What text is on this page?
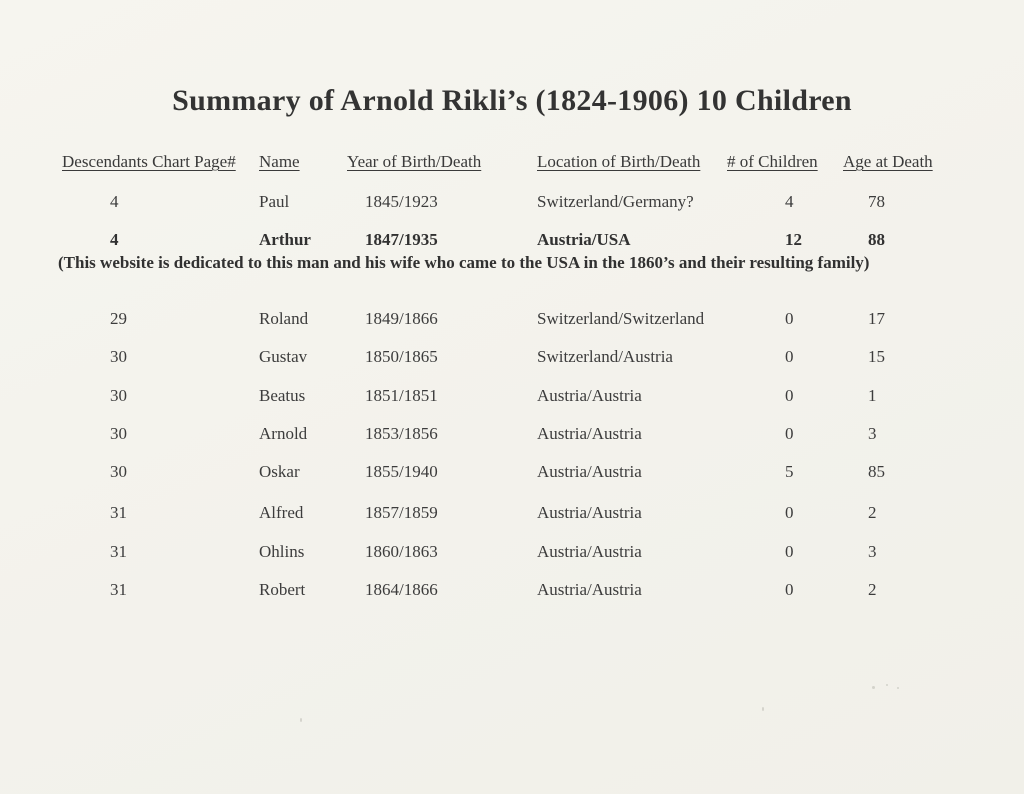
Summary of Arnold Rikli’s (1824-1906) 10 Children
Descendants Chart Page#	Name	Year of Birth/Death	Location of Birth/Death	# of Children	Age at Death
4	Paul	1845/1923	Switzerland/Germany?	4	78
4	Arthur	1847/1935	Austria/USA	12	88
(This website is dedicated to this man and his wife who came to the USA in the 1860’s and their resulting family)
29	Roland	1849/1866	Switzerland/Switzerland	0	17
30	Gustav	1850/1865	Switzerland/Austria	0	15
30	Beatus	1851/1851	Austria/Austria	0	1
30	Arnold	1853/1856	Austria/Austria	0	3
30	Oskar	1855/1940	Austria/Austria	5	85
31	Alfred	1857/1859	Austria/Austria	0	2
31	Ohlins	1860/1863	Austria/Austria	0	3
31	Robert	1864/1866	Austria/Austria	0	2
